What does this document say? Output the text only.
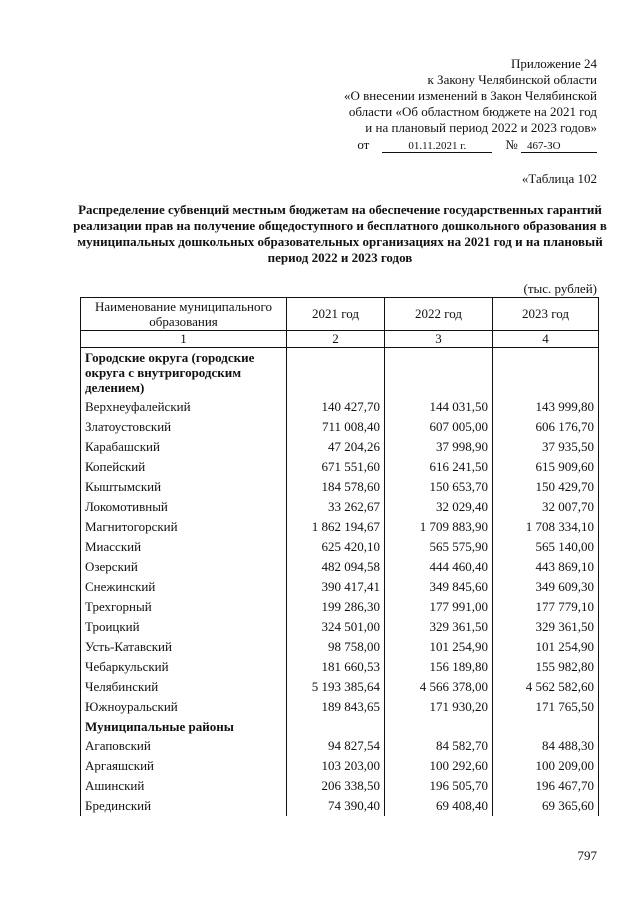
Приложение 24
к Закону Челябинской области
«О внесении изменений в Закон Челябинской
области «Об областном бюджете на 2021 год
и на плановый период 2022 и 2023 годов»
от	01.11.2021 г.	№ 467-ЗО
«Таблица 102
Распределение субвенций местным бюджетам на обеспечение государственных гарантий реализации прав на получение общедоступного и бесплатного дошкольного образования в муниципальных дошкольных образовательных организациях на 2021 год и на плановый период 2022 и 2023 годов
(тыс. рублей)
Наименование муниципального образования	2021 год	2022 год	2023 год
1	2	3	4
Городские округа (городские округа с внутригородским делением)			
Верхнеуфалейский	140 427,70	144 031,50	143 999,80
Златоустовский	711 008,40	607 005,00	606 176,70
Карабашский	47 204,26	37 998,90	37 935,50
Копейский	671 551,60	616 241,50	615 909,60
Кыштымский	184 578,60	150 653,70	150 429,70
Локомотивный	33 262,67	32 029,40	32 007,70
Магнитогорский	1 862 194,67	1 709 883,90	1 708 334,10
Миасский	625 420,10	565 575,90	565 140,00
Озерский	482 094,58	444 460,40	443 869,10
Снежинский	390 417,41	349 845,60	349 609,30
Трехгорный	199 286,30	177 991,00	177 779,10
Троицкий	324 501,00	329 361,50	329 361,50
Усть-Катавский	98 758,00	101 254,90	101 254,90
Чебаркульский	181 660,53	156 189,80	155 982,80
Челябинский	5 193 385,64	4 566 378,00	4 562 582,60
Южноуральский	189 843,65	171 930,20	171 765,50
Муниципальные районы			
Агаповский	94 827,54	84 582,70	84 488,30
Аргаяшский	103 203,00	100 292,60	100 209,00
Ашинский	206 338,50	196 505,70	196 467,70
Брединский	74 390,40	69 408,40	69 365,60
797
